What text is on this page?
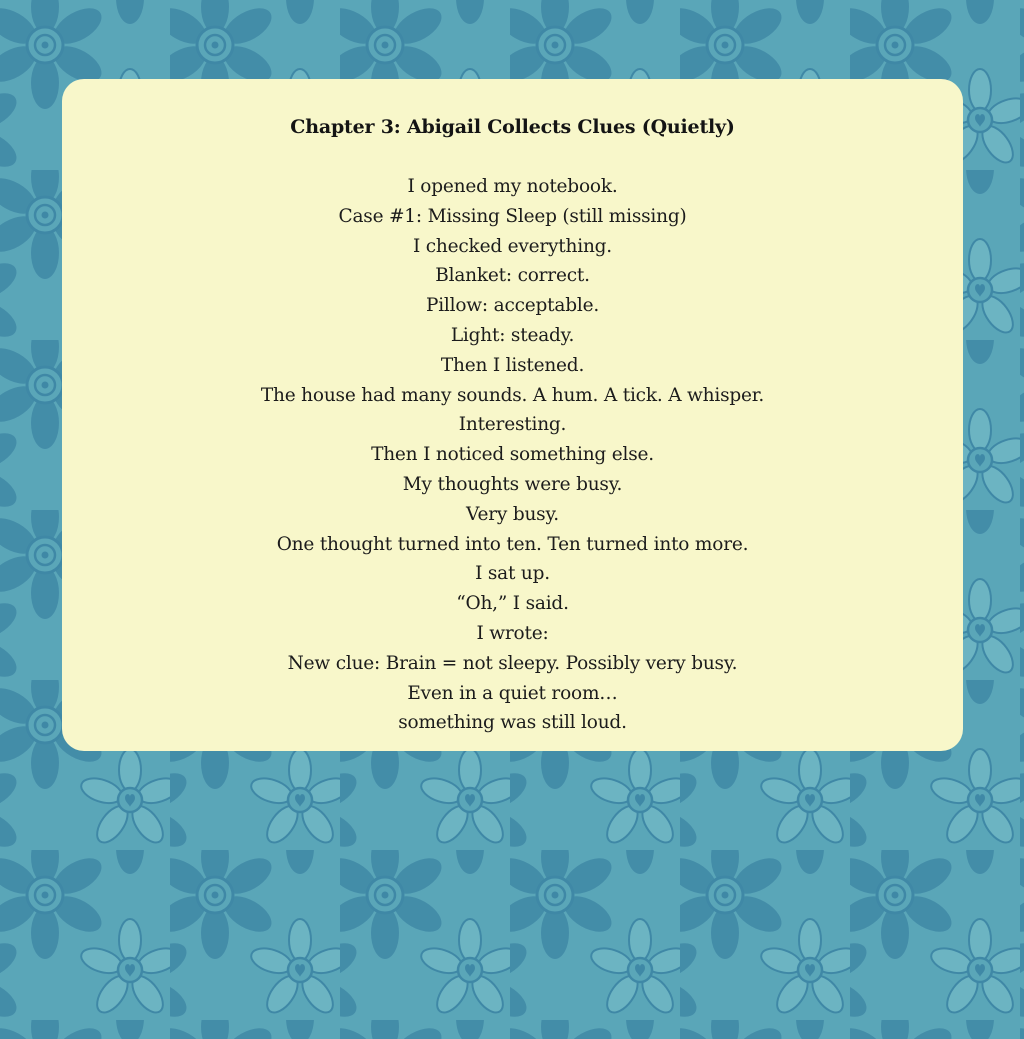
Chapter 3: Abigail Collects Clues (Quietly)
I opened my notebook.
Case #1: Missing Sleep (still missing)
I checked everything.
Blanket: correct.
Pillow: acceptable.
Light: steady.
Then I listened.
The house had many sounds. A hum. A tick. A whisper.
Interesting.
Then I noticed something else.
My thoughts were busy.
Very busy.
One thought turned into ten. Ten turned into more.
I sat up.
“Oh,” I said.
I wrote:
New clue: Brain = not sleepy. Possibly very busy.
Even in a quiet room…
something was still loud.
